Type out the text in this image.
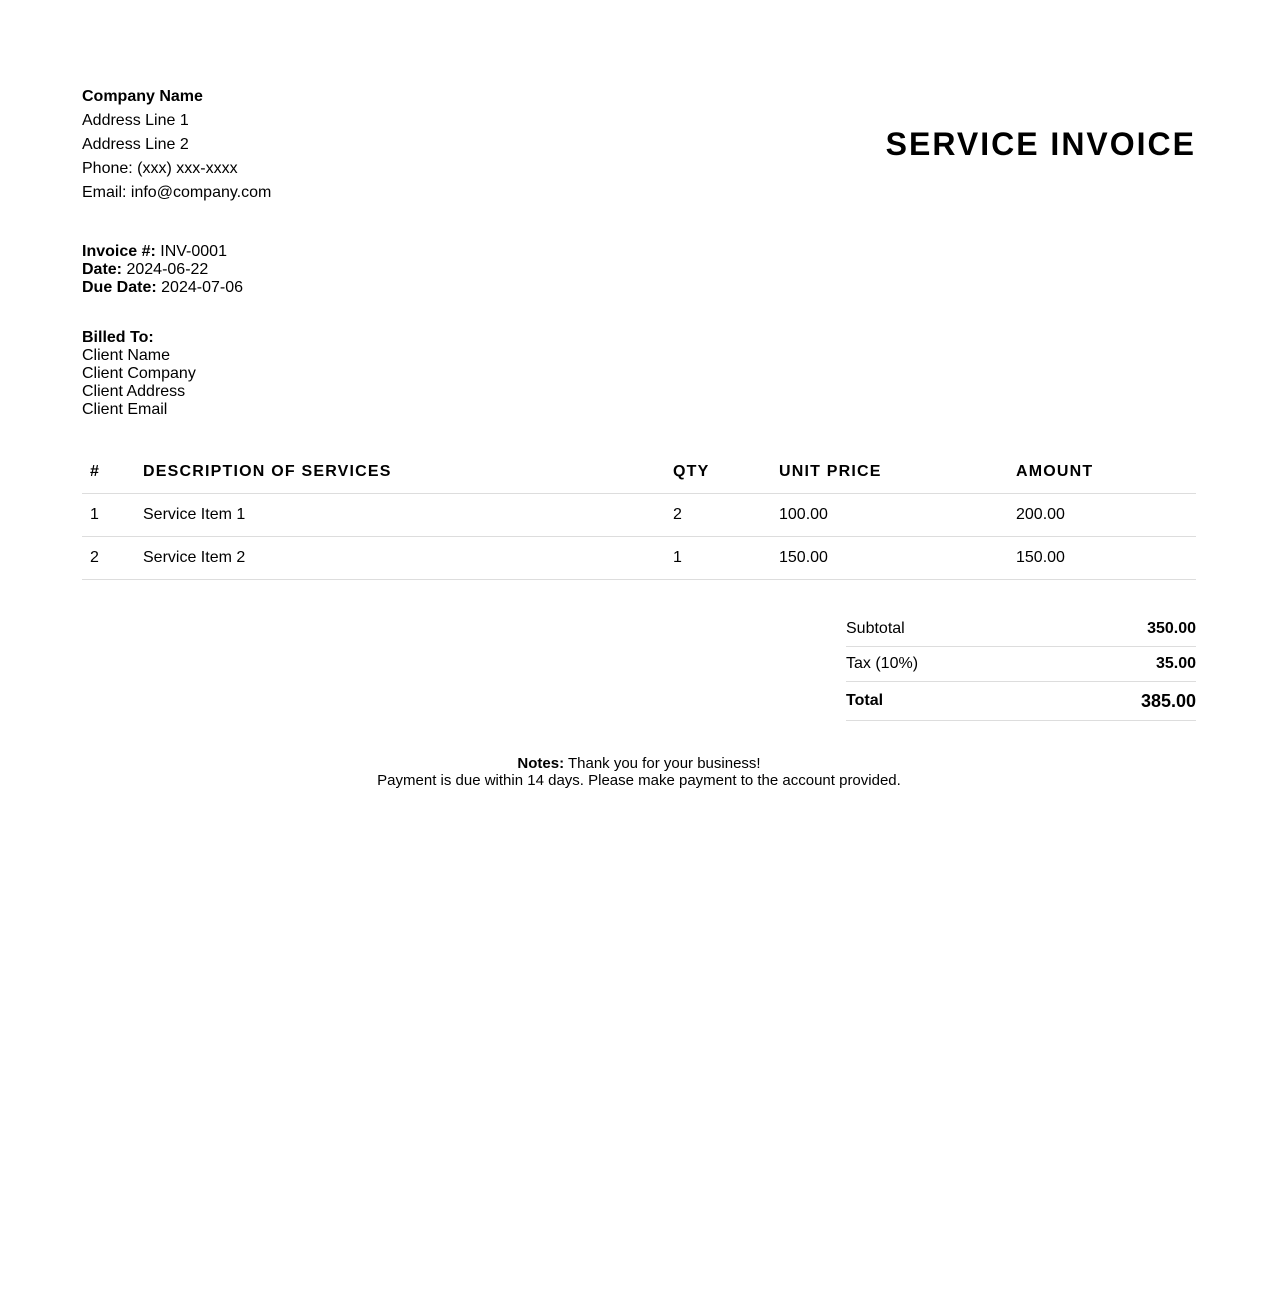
Company Name
Address Line 1
Address Line 2
Phone: (xxx) xxx-xxxx
Email: info@company.com
SERVICE INVOICE
Invoice #: INV-0001
Date: 2024-06-22
Due Date: 2024-07-06
Billed To:
Client Name
Client Company
Client Address
Client Email
#	DESCRIPTION OF SERVICES	QTY	UNIT PRICE	AMOUNT
1	Service Item 1	2	100.00	200.00
2	Service Item 2	1	150.00	150.00
Subtotal	350.00
Tax (10%)	35.00
Total	385.00
Notes: Thank you for your business!
Payment is due within 14 days. Please make payment to the account provided.
